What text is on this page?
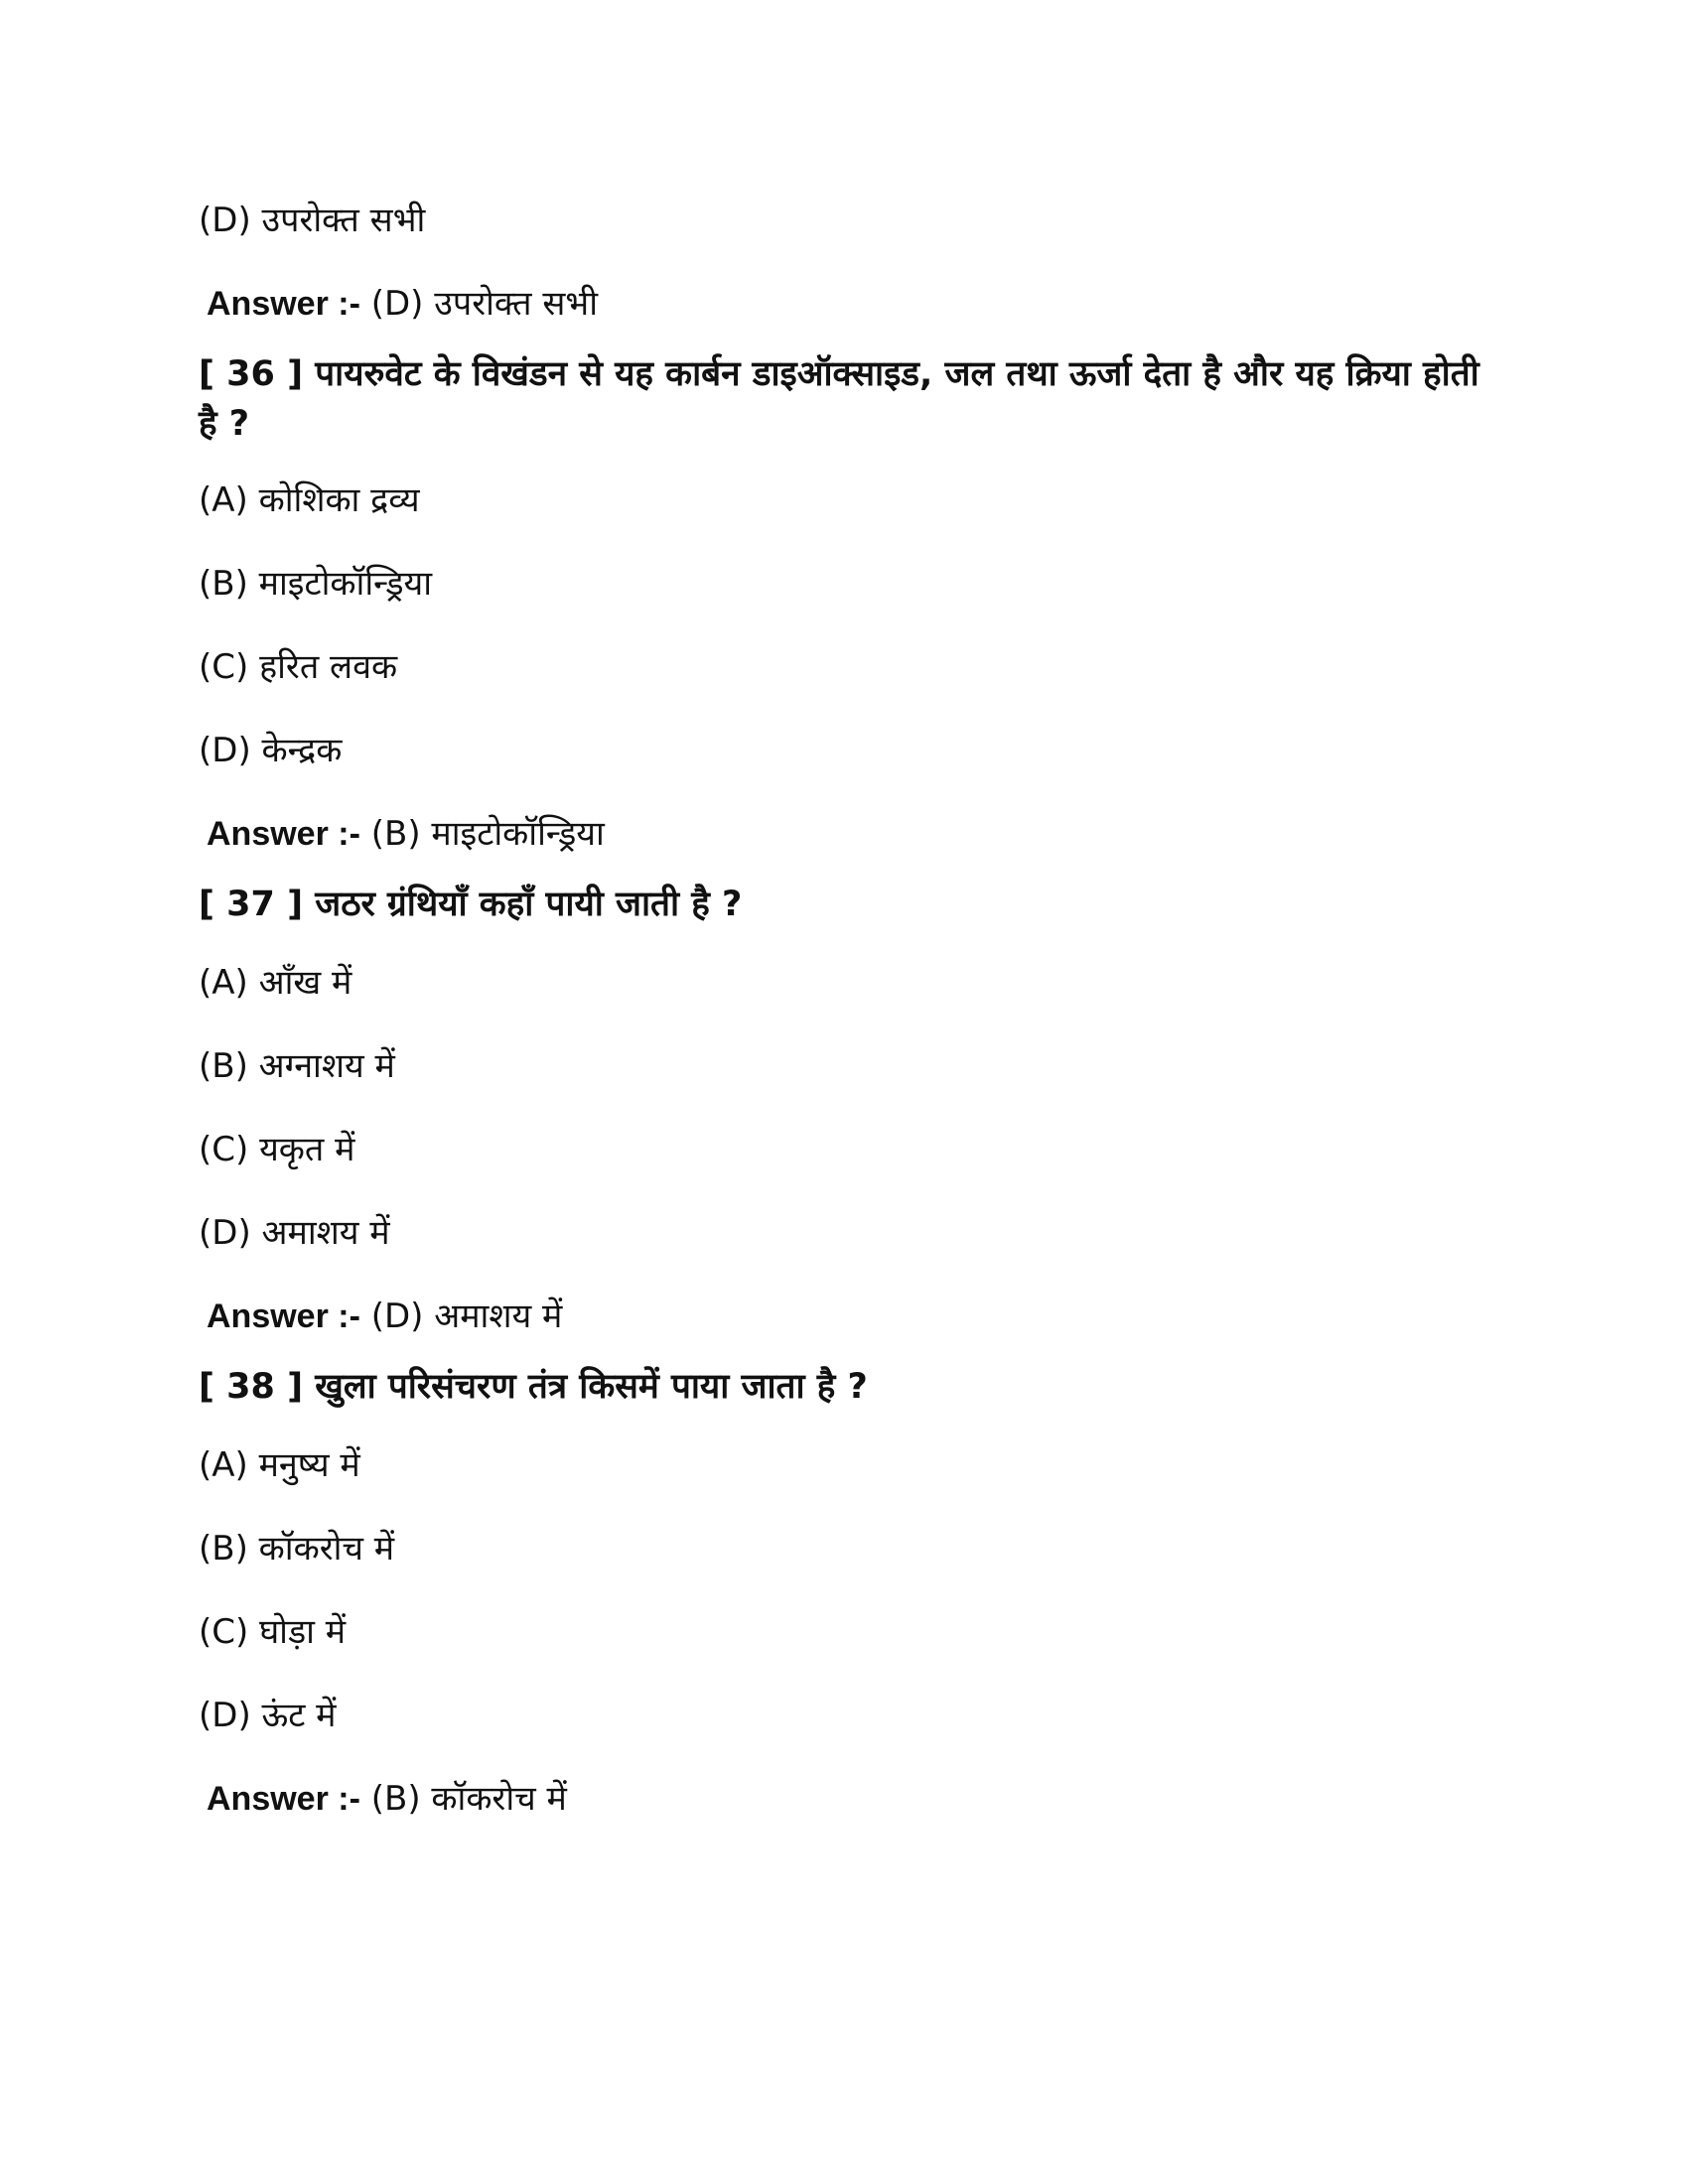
(D) उपरोक्त सभी
Answer :- (D) उपरोक्त सभी
[ 36 ] पायरुवेट के विखंडन से यह कार्बन डाइऑक्साइड, जल तथा ऊर्जा देता है और यह क्रिया होती है ?
(A) कोशिका द्रव्य
(B) माइटोकॉन्ड्रिया
(C) हरित लवक
(D) केन्द्रक
Answer :- (B) माइटोकॉन्ड्रिया
[ 37 ] जठर ग्रंथियाँ कहाँ पायी जाती है ?
(A) आँख में
(B) अग्नाशय में
(C) यकृत में
(D) अमाशय में
Answer :- (D) अमाशय में
[ 38 ] खुला परिसंचरण तंत्र किसमें पाया जाता है ?
(A) मनुष्य में
(B) कॉकरोच में
(C) घोड़ा में
(D) ऊंट में
Answer :- (B) कॉकरोच में
